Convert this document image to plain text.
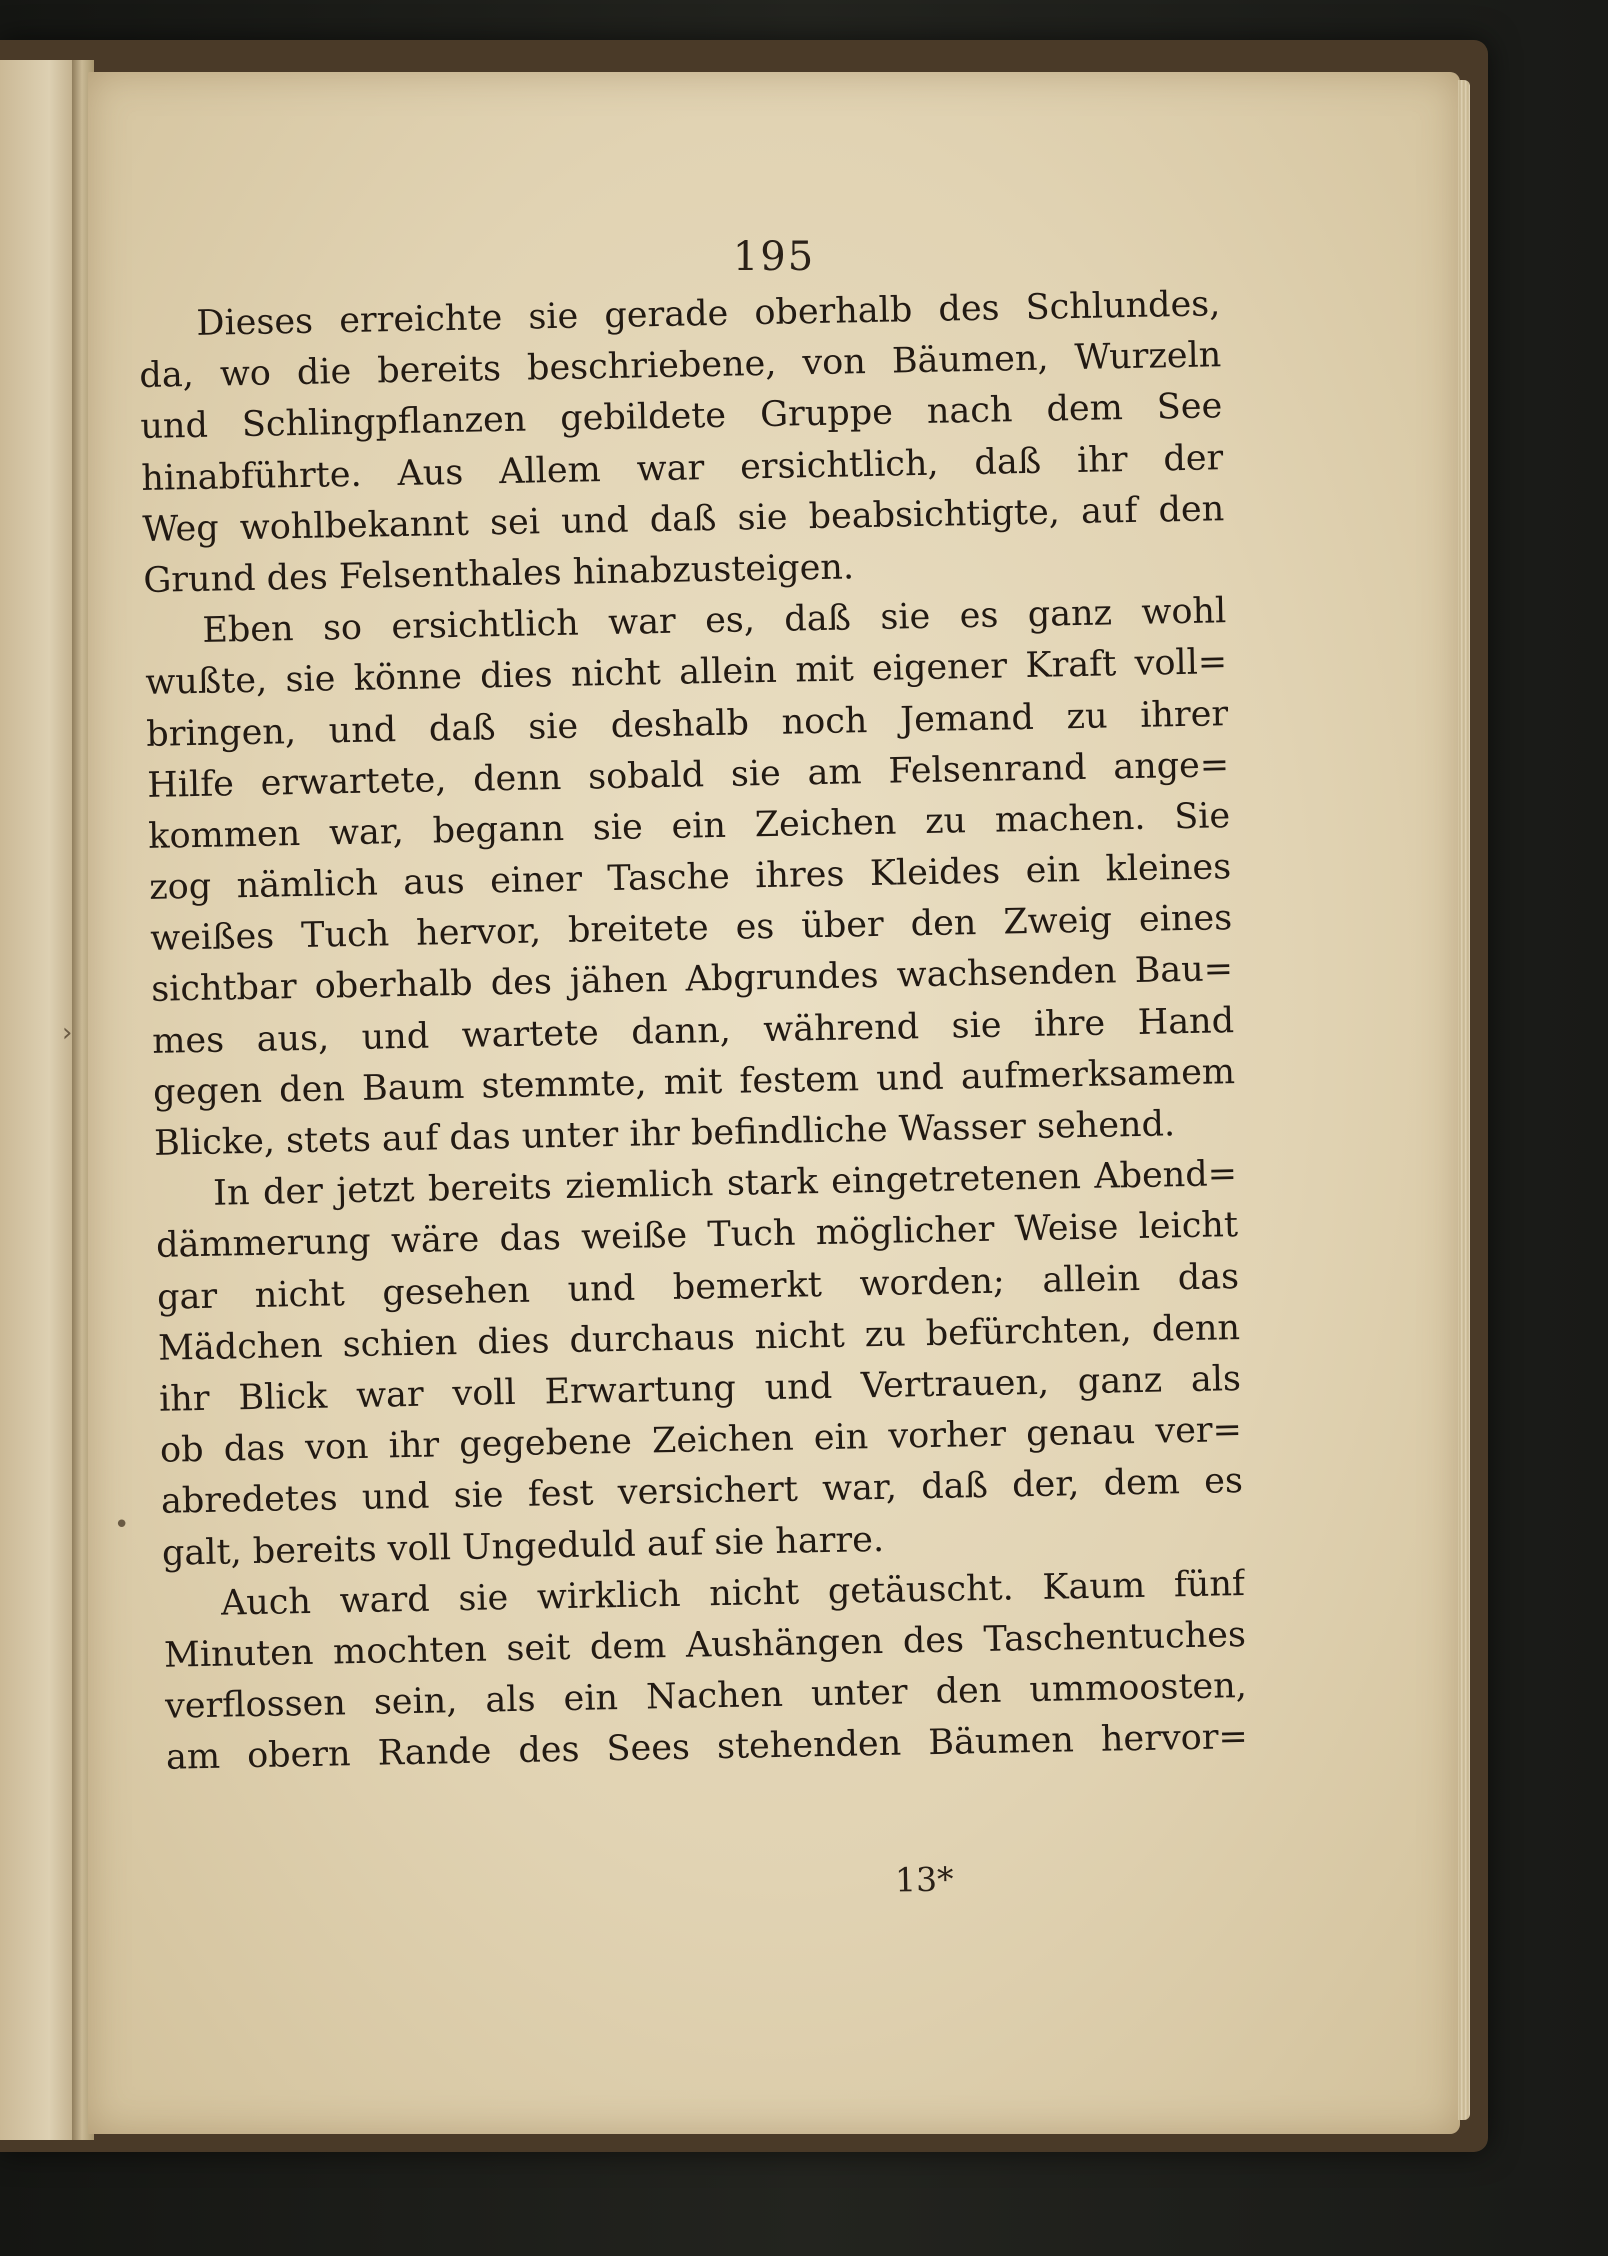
195
Dieses erreichte sie gerade oberhalb des Schlundes,
da, wo die bereits beschriebene, von Bäumen, Wurzeln
und Schlingpflanzen gebildete Gruppe nach dem See
hinabführte. Aus Allem war ersichtlich, daß ihr der
Weg wohlbekannt sei und daß sie beabsichtigte, auf den
Grund des Felsenthales hinabzusteigen.
Eben so ersichtlich war es, daß sie es ganz wohl
wußte, sie könne dies nicht allein mit eigener Kraft voll=
bringen, und daß sie deshalb noch Jemand zu ihrer
Hilfe erwartete, denn sobald sie am Felsenrand ange=
kommen war, begann sie ein Zeichen zu machen. Sie
zog nämlich aus einer Tasche ihres Kleides ein kleines
weißes Tuch hervor, breitete es über den Zweig eines
sichtbar oberhalb des jähen Abgrundes wachsenden Bau=
mes aus, und wartete dann, während sie ihre Hand
gegen den Baum stemmte, mit festem und aufmerksamem
Blicke, stets auf das unter ihr befindliche Wasser sehend.
In der jetzt bereits ziemlich stark eingetretenen Abend=
dämmerung wäre das weiße Tuch möglicher Weise leicht
gar nicht gesehen und bemerkt worden; allein das
Mädchen schien dies durchaus nicht zu befürchten, denn
ihr Blick war voll Erwartung und Vertrauen, ganz als
ob das von ihr gegebene Zeichen ein vorher genau ver=
abredetes und sie fest versichert war, daß der, dem es
galt, bereits voll Ungeduld auf sie harre.
Auch ward sie wirklich nicht getäuscht. Kaum fünf
Minuten mochten seit dem Aushängen des Taschentuches
verflossen sein, als ein Nachen unter den ummoosten,
am obern Rande des Sees stehenden Bäumen hervor=
13*
›
•
